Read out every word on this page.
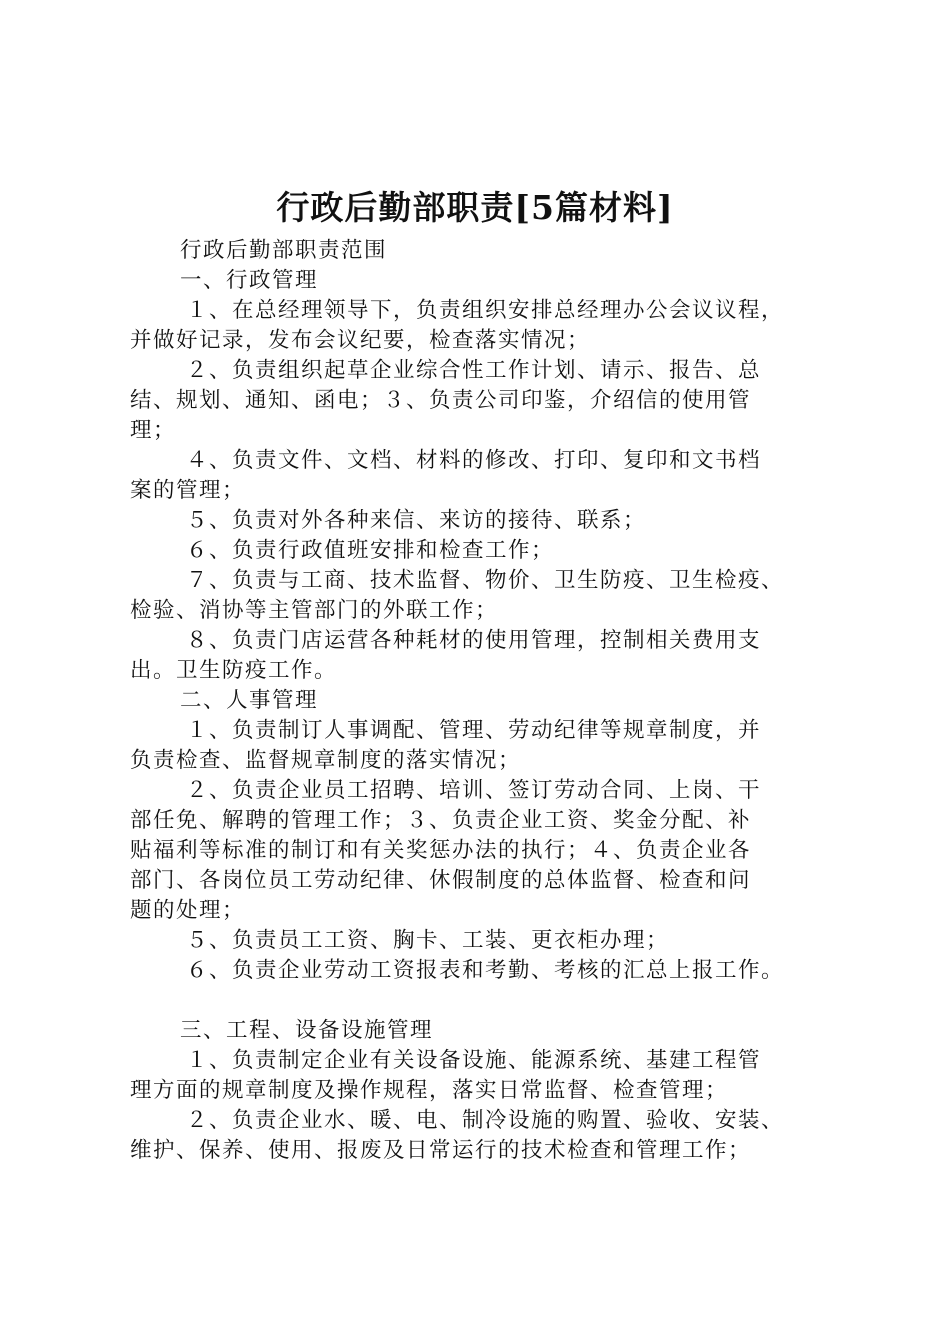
行政后勤部职责[5篇材料]

行政后勤部职责范围

一、行政管理

１、在总经理领导下，负责组织安排总经理办公会议议程，

并做好记录，发布会议纪要，检查落实情况；

２、负责组织起草企业综合性工作计划、请示、报告、总

结、规划、通知、函电；３、负责公司印鉴，介绍信的使用管

理；

４、负责文件、文档、材料的修改、打印、复印和文书档

案的管理；

５、负责对外各种来信、来访的接待、联系；

６、负责行政值班安排和检查工作；

７、负责与工商、技术监督、物价、卫生防疫、卫生检疫、

检验、消协等主管部门的外联工作；

８、负责门店运营各种耗材的使用管理，控制相关费用支

出。卫生防疫工作。

二、人事管理

１、负责制订人事调配、管理、劳动纪律等规章制度，并

负责检查、监督规章制度的落实情况；

２、负责企业员工招聘、培训、签订劳动合同、上岗、干

部任免、解聘的管理工作；３、负责企业工资、奖金分配、补

贴福利等标准的制订和有关奖惩办法的执行；４、负责企业各

部门、各岗位员工劳动纪律、休假制度的总体监督、检查和问

题的处理；

５、负责员工工资、胸卡、工装、更衣柜办理；

６、负责企业劳动工资报表和考勤、考核的汇总上报工作。

三、工程、设备设施管理

１、负责制定企业有关设备设施、能源系统、基建工程管

理方面的规章制度及操作规程，落实日常监督、检查管理；

２、负责企业水、暖、电、制冷设施的购置、验收、安装、

维护、保养、使用、报废及日常运行的技术检查和管理工作；
